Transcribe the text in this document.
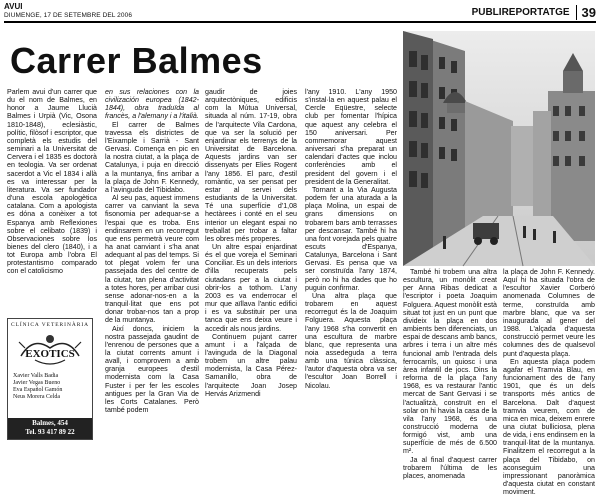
AVUI
DIUMENGE, 17 DE SETEMBRE DEL 2006	PUBLIREPORTATGE 39
Carrer Balmes

Parlem avui d'un carrer que du el nom de Balmes, en honor a Jaume Llucià Balmes i Urpià (Vic, Osona 1810-1848), eclesiàstic, polític, filòsof i escriptor, que completà els estudis del seminari a la Universitat de Cervera i el 1835 es doctorà en teologia. Va ser ordenat sacerdot a Vic el 1834 i allà es va interessar per la literatura. Va ser fundador d'una escola apologètica catalana. Com a apologista es dóna a conèixer a tot Espanya amb Reflexiones sobre el celibato (1839) i Observaciones sobre los bienes del clero (1840), i a tot Europa amb l'obra El protestantismo comparado con el catolicismo

en sus relaciones con la civilización europea (1842-1844), obra traduïda al francès, a l'alemany i a l'italià.

El carrer de Balmes travessa els districtes de l'Eixample i Sarrià - Sant Gervasi. Comença en pic en la nostra ciutat, a la plaça de Catalunya, i puja en direcció a la muntanya, fins arribar a la plaça de John F. Kennedy, a l'avinguda del Tibidabo.

Al seu pas, aquest immens carrer va canviant la seva fisonomia per adequar-se a l'espai que es troba. Ens endinsarem en un recorregut que ens permetrà veure com ha anat canviant i s'ha anat adequant al pas del temps. Si tot plegat volem fer una passejada des del centre de la ciutat, tan plena d'activitat a totes hores, per arribar cusi sense adonar-nos-en a la tranquil·litat que ens pot donar trobar-nos tan a prop de la muntanya.

Així doncs, iniciem la nostra passejada gaudint de l'enrenou de persones que a la ciutat corrents amunt i avall, i comprovem a amb granja europees d'estil modernista com la Casa Fuster i per fer les escoles antigues per la Gran Via de les Corts Catalanes. Però també podem

gaudir de joies arquitectòniques, edificis com la Mútua Universal, situada al núm. 17-19, obra de l'arquitecte Vila Cardona, que va ser la solució per enjardinar els terrenys de la Universitat de Barcelona. Aquests jardins van ser dissenyats per Elies Rogent l'any 1856. El parc, d'estil romàntic, va ser pensat per estar al servei dels estudiants de la Universitat. Té una superfície d'1,08 hectàrees i conté en el seu interior un elegant espai no treballat per trobar a faltar les obres més properes.

Un altre espai enjardinat és el que voreja el Seminari Conciliar. Es un dels interiors d'illa recuperats pels ciutadans per a la ciutat i obrir-los a tothom. L'any 2003 es va enderrocar el mur que aïllava l'antic edifici i es va substituir per una tanca que ens deixa veure i accedir als nous jardins.

Continuem pujant carrer amunt i a l'alçada de l'avinguda de la Diagonal trobem un altre palau modernista, la Casa Pérez-Samanillo, obra de l'arquitecte Joan Josep Hervás Arizmendi

l'any 1910. L'any 1950 s'instal·la en aquest palau el Cercle Eqüestre, selecte club per fomentar l'hípica que aquest any celebra el 150 aniversari. Per commemorar aquest aniversari s'ha preparat un calendari d'actes que inclou conferències amb el president del govern i el president de la Generalitat.

Tornant a la Via Augusta podem fer una aturada a la plaça Molina, un espai de grans dimensions on trobarem bars amb terrasses per descansar. També hi ha una font vorejada pels quatre escuts d'Espanya, Catalunya, Barcelona i Sant Gervasi. Es pensa que va ser construïda l'any 1874, però no hi ha dades que ho puguin confirmar.

Una altra plaça que trobarem en aquest recorregut és la de Joaquim Folguera. Aquesta plaça l'any 1968 s'ha convertit en una escultura de marbre blanc, que representa una noia assedeguda a terra amb una túnica clàssica, l'autor d'aquesta obra va ser l'escultor Joan Borrell i Nicolau.

També hi trobem una altra escultura, un monòlit creat per Anna Ribas dedicat a l'escriptor i poeta Joaquim Folguera. Aquest monòlit està situat tot just en un punt que divideix la plaça en dos ambients ben diferenciats, un espai de descans amb bancs, arbres i terra i un altre més funcional amb l'entrada dels ferrocarrils, un quiosc i una àrea infantil de jocs. Dins la reforma de la plaça l'any 1968, es va restaurar l'antic mercat de Sant Gervasi i se l'actualitzà, construït en el solar on hi havia la casa de la vila l'any 1968, és una construcció moderna de formigó vist, amb una superfície de més de 6.500 m².

Ja al final d'aquest carrer trobarem l'última de les places, anomenada

la plaça de John F. Kennedy. Aquí hi ha situada l'obra de l'escultor Xavier Corberó anomenada Columnes de terme, construïda amb marbre blanc, que va ser inaugurada al gener del 1988. L'alçada d'aquesta construcció permet veure les columnes des de qualsevol punt d'aquesta plaça.

En aquesta plaça podem agafar el Tramvia Blau, en funcionament des de l'any 1901, que és un dels transports més antics de Barcelona. Dalt d'aquest tramvia veurem, com de mica en mica, deixem enrere una ciutat bulliciosa, plena de vida, i ens endinsem en la tranquil·litat de la muntanya. Finalitzem el recorregut a la plaça del Tibidabo, on aconseguim una impressionant panoràmica d'aquesta ciutat en constant moviment.

CLÍNICA VETERINÀRIA
EXOTICS
Xavier Valls Badia
Javier Vegas Bueno
Eva Español Gamón
Neus Morera Celda
Balmes, 454
Tel. 93 417 89 22
